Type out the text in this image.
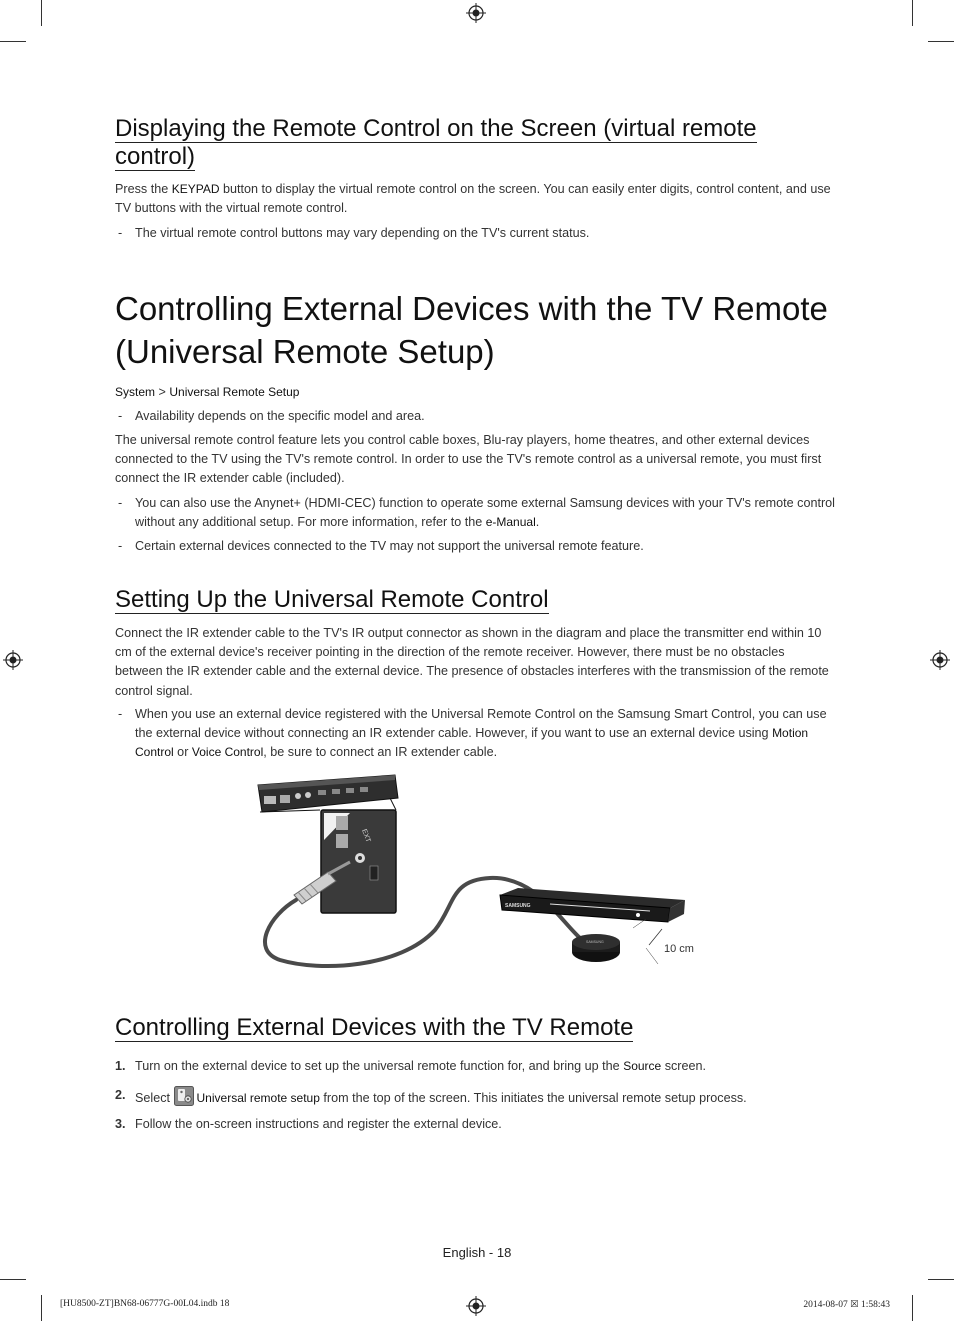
Displaying the Remote Control on the Screen (virtual remote control)

Press the KEYPAD button to display the virtual remote control on the screen. You can easily enter digits, control content, and use TV buttons with the virtual remote control.

- The virtual remote control buttons may vary depending on the TV's current status.
Controlling External Devices with the TV Remote
(Universal Remote Setup)
System > Universal Remote Setup
- Availability depends on the specific model and area.

The universal remote control feature lets you control cable boxes, Blu-ray players, home theatres, and other external devices connected to the TV using the TV's remote control. In order to use the TV's remote control as a universal remote, you must first connect the IR extender cable (included).

- You can also use the Anynet+ (HDMI-CEC) function to operate some external Samsung devices with your TV's remote control without any additional setup. For more information, refer to the e-Manual.
- Certain external devices connected to the TV may not support the universal remote feature.
Setting Up the Universal Remote Control

Connect the IR extender cable to the TV's IR output connector as shown in the diagram and place the transmitter end within 10 cm of the external device's receiver pointing in the direction of the remote receiver. However, there must be no obstacles between the IR extender cable and the external device. The presence of obstacles interferes with the transmission of the remote control signal.

- When you use an external device registered with the Universal Remote Control on the Samsung Smart Control, you can use the external device without connecting an IR extender cable. However, if you want to use an external device using Motion Control or Voice Control, be sure to connect an IR extender cable.
EXT
SAMSUNG
SAMSUNG
10 cm
Controlling External Devices with the TV Remote
1. Turn on the external device to set up the universal remote function for, and bring up the Source screen.
2. Select Universal remote setup from the top of the screen. This initiates the universal remote setup process.
3. Follow the on-screen instructions and register the external device.
English - 18
[HU8500-ZT]BN68-06777G-00L04.indb 18	2014-08-07 ☒ 1:58:43
